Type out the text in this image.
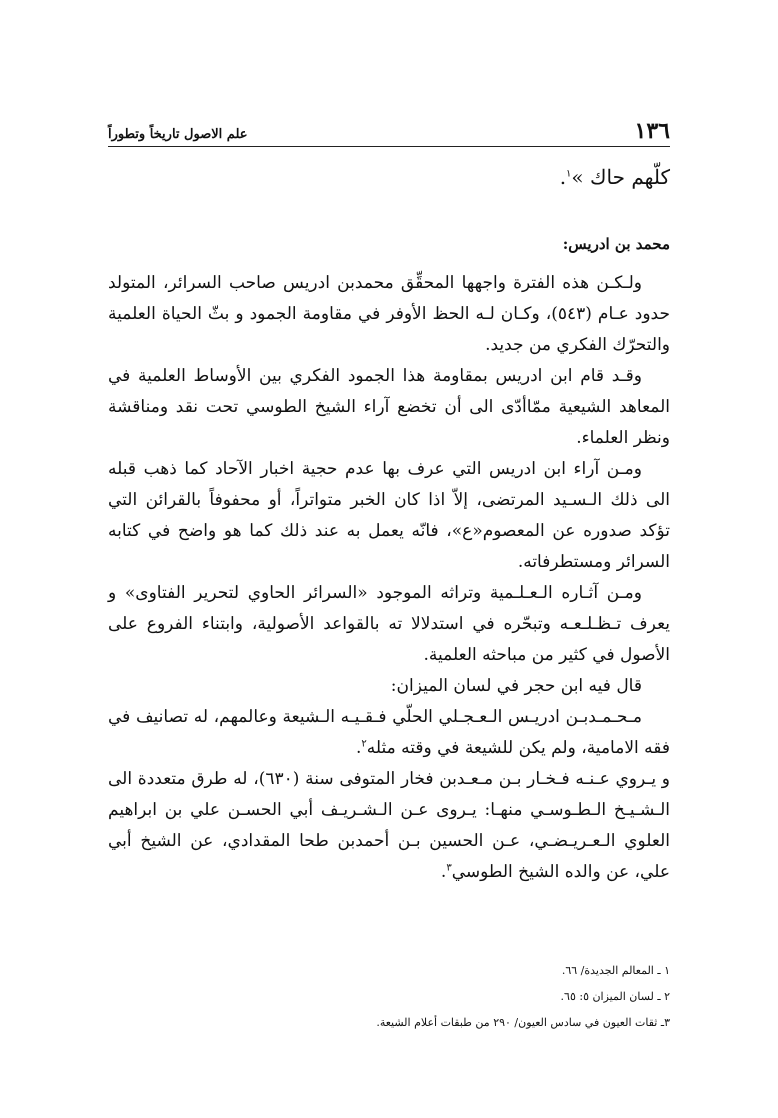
١٣٦
علم الاصول تاريخاً وتطوراً

كلّهم حاك »$^١$.

محمد بن ادريس:

ولـكـن هذه الفترة واجهها المحقِّق محمدبن ادريس صاحب السرائر، المتولد حدود عـام (٥٤٣)، وكـان لـه الحظ الأوفر في مقاومة الجمود و بثّ الحياة العلمية والتحرّك الفكري من جديد.

وقـد قام ابن ادريس بمقاومة هذا الجمود الفكري بين الأوساط العلمية في المعاهد الشيعية ممّاأدّى الى أن تخضع آراء الشيخ الطوسي تحت نقد ومناقشة ونظر العلماء.

ومـن آراء ابن ادريس التي عرف بها عدم حجية اخبار الآحاد كما ذهب قبله الى ذلك الـسـيد المرتضى، إلاّ اذا كان الخبر متواتراً، أو محفوفاً بالقرائن التي تؤكد صدوره عن المعصوم«ع»، فانّه يعمل به عند ذلك كما هو واضح في كتابه السرائر ومستطرفاته.

ومـن آثـاره الـعـلـمية وتراثه الموجود «السرائر الحاوي لتحرير الفتاوى» و يعرف تـظـلـعـه وتبحّره في استدلالا ته بالقواعد الأصولية، وابتناء الفروع على الأصول في كثير من مباحثه العلمية.

قال فيه ابن حجر في لسان الميزان:

مـحـمـدبـن ادريـس الـعـجـلي الحلّي فـقـيـه الـشيعة وعالمهم، له تصانيف في فقه الامامية، ولم يكن للشيعة في وقته مثله$^٢$.

و يـروي عـنـه فـخـار بـن مـعـدبن فخار المتوفى سنة (٦٣٠)، له طرق متعددة الى الـشـيـخ الـطـوسـي منهـا: يـروى عـن الـشـريـف أبي الحسـن علي بن ابراهيم العلوي الـعـريـضـي، عـن الحسين بـن أحمدبن طحا المقدادي، عن الشيخ أبي علي، عن والده الشيخ الطوسي$^٣$.

١ ـ المعالم الجديدة/ ٦٦.

٢ ـ لسان الميزان ٥: ٦٥.

٣ـ ثقات العيون في سادس العيون/ ٢٩٠ من طبقات أعلام الشيعة.
